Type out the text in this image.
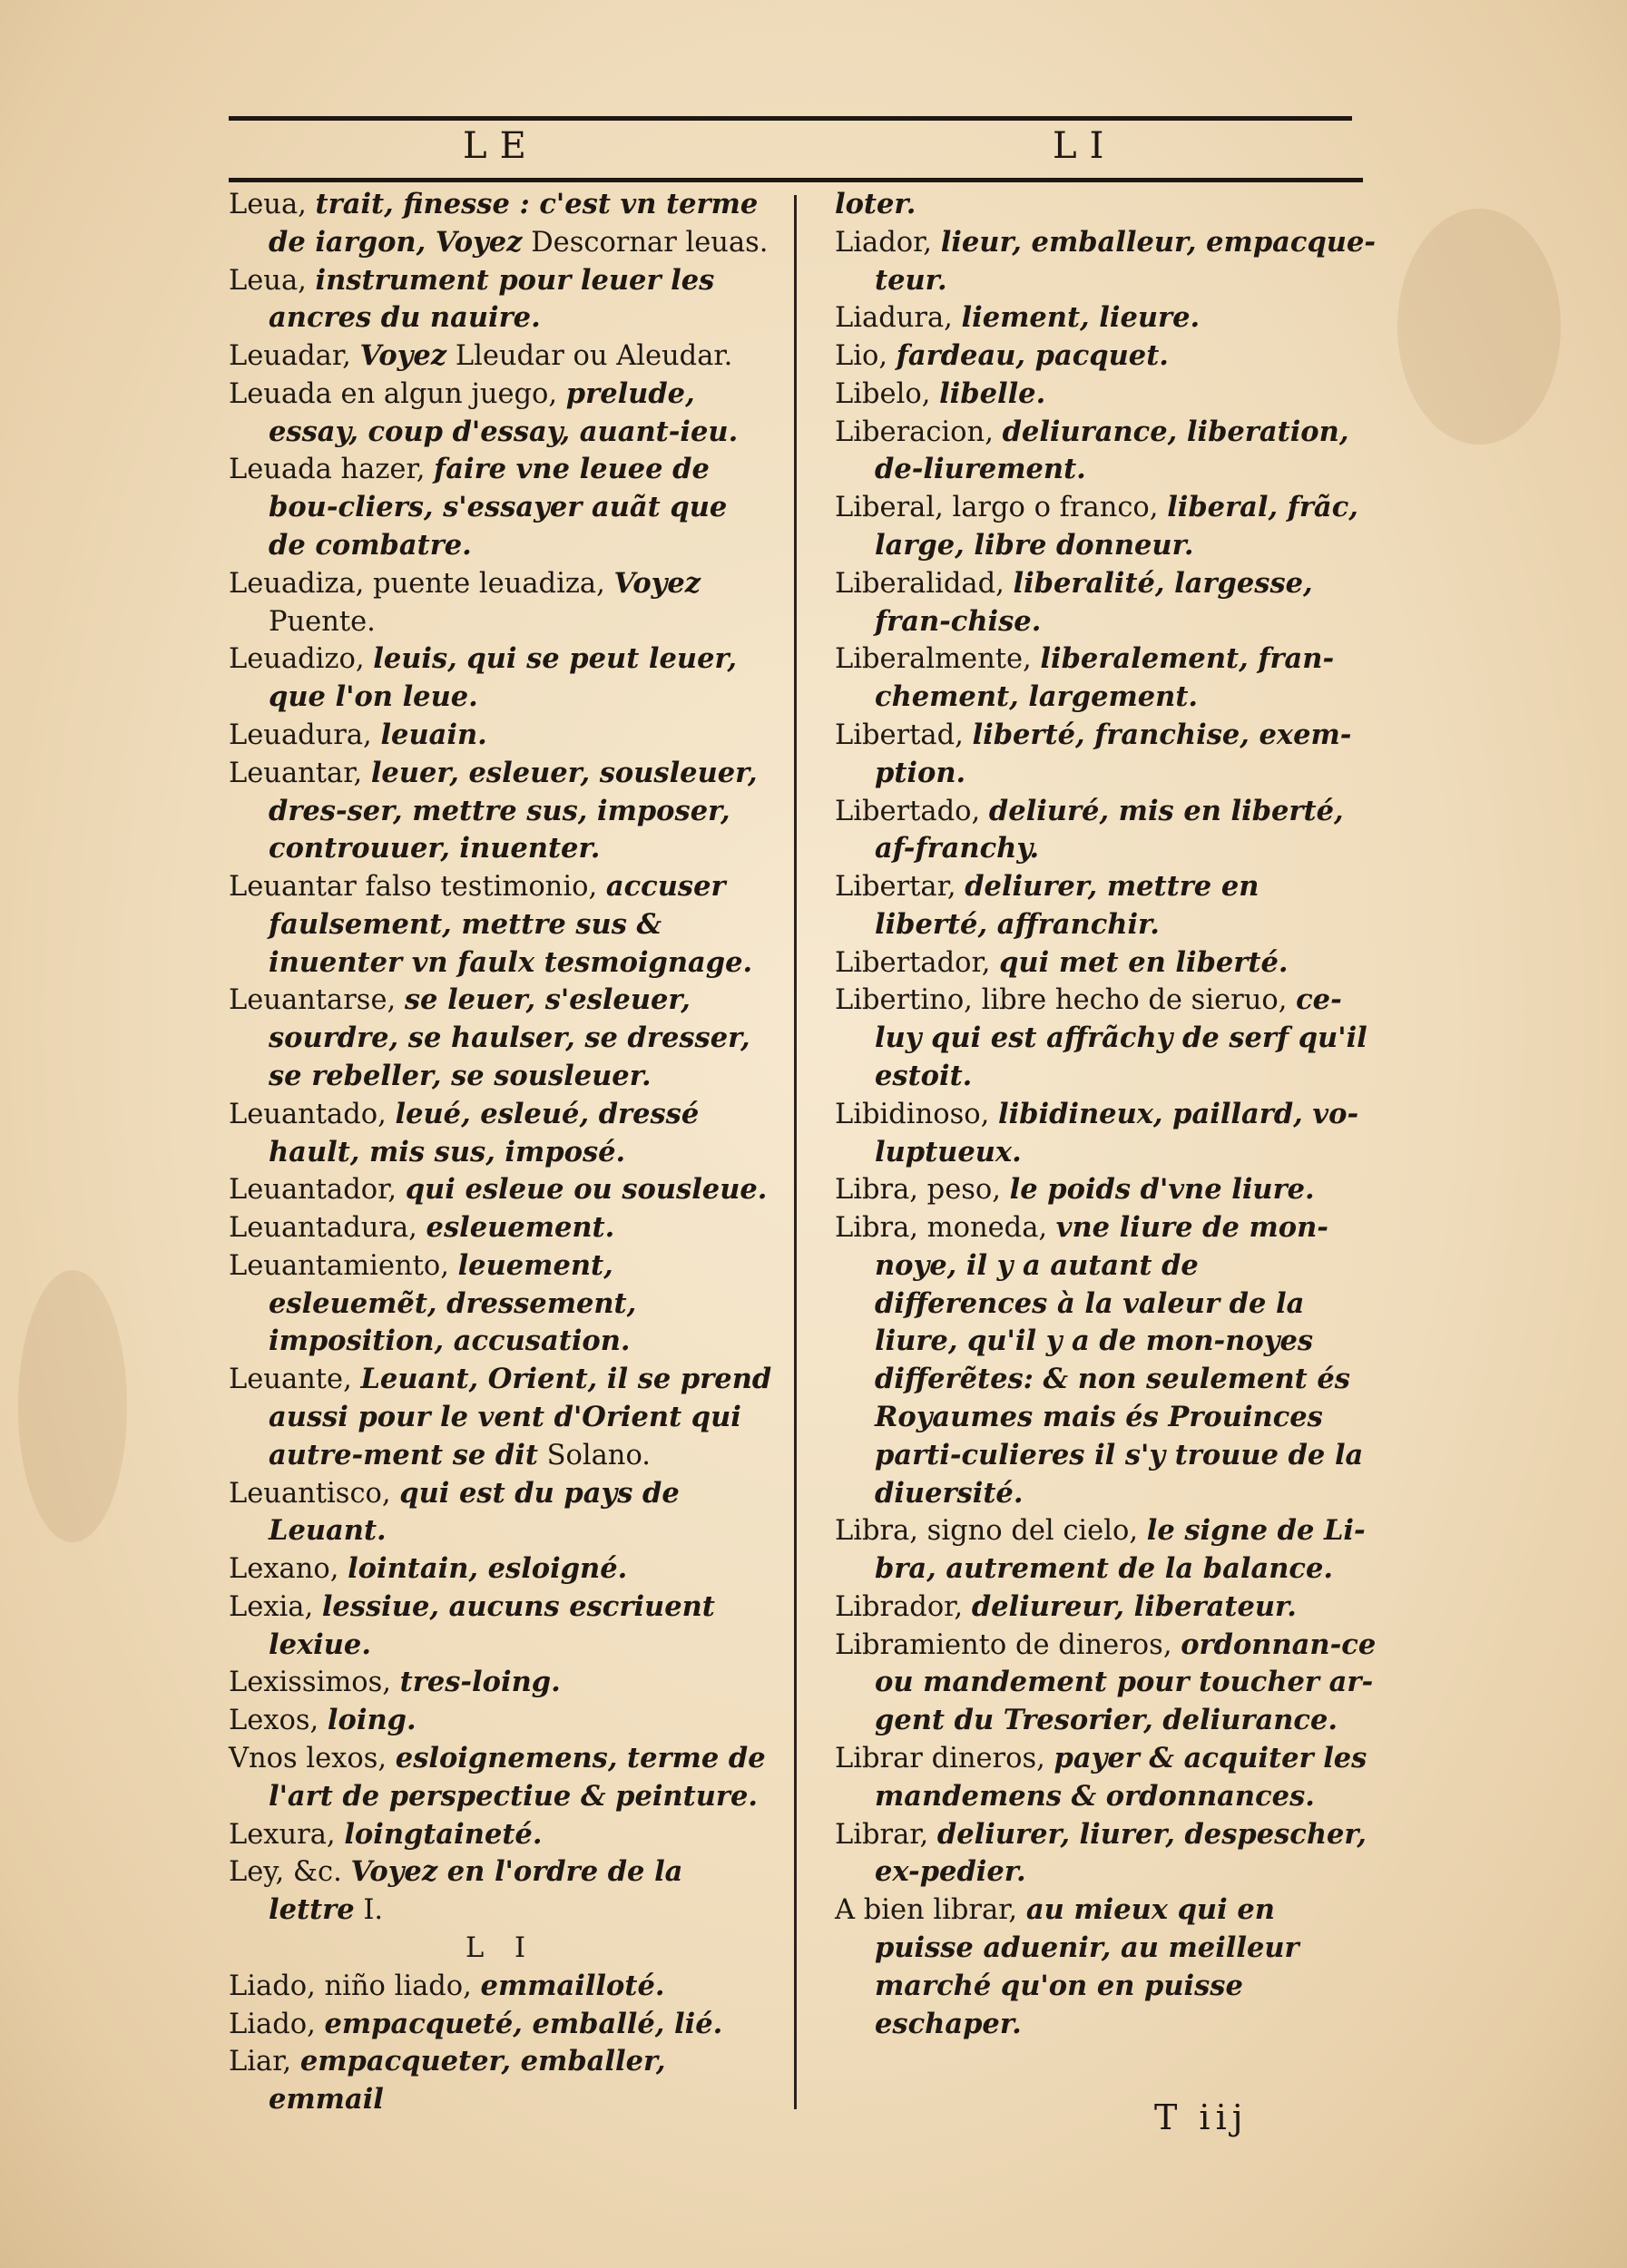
LE	LI

Leua, trait, finesse : c'est vn terme de iargon, Voyez Descornar leuas.

Leua, instrument pour leuer les ancres du nauire.

Leuadar, Voyez Lleudar ou Aleudar.

Leuada en algun juego, prelude, essay, coup d'essay, auant-ieu.

Leuada hazer, faire vne leuee de bou-cliers, s'essayer auãt que de combatre.

Leuadiza, puente leuadiza, Voyez Puente.

Leuadizo, leuis, qui se peut leuer, que l'on leue.

Leuadura, leuain.

Leuantar, leuer, esleuer, sousleuer, dres-ser, mettre sus, imposer, controuuer, inuenter.

Leuantar falso testimonio, accuser faulsement, mettre sus & inuenter vn faulx tesmoignage.

Leuantarse, se leuer, s'esleuer, sourdre, se haulser, se dresser, se rebeller, se sousleuer.

Leuantado, leué, esleué, dressé hault, mis sus, imposé.

Leuantador, qui esleue ou sousleue.

Leuantadura, esleuement.

Leuantamiento, leuement, esleuemẽt, dressement, imposition, accusation.

Leuante, Leuant, Orient, il se prend aussi pour le vent d'Orient qui autre-ment se dit Solano.

Leuantisco, qui est du pays de Leuant.

Lexano, lointain, esloigné.

Lexia, lessiue, aucuns escriuent lexiue.

Lexissimos, tres-loing.

Lexos, loing.

Vnos lexos, esloignemens, terme de l'art de perspectiue & peinture.

Lexura, loingtaineté.

Ley, &c. Voyez en l'ordre de la lettre I.

L I

Liado, niño liado, emmailloté.

Liado, empacqueté, emballé, lié.

Liar, empacqueter, emballer, emmail

loter.

Liador, lieur, emballeur, empacque-teur.

Liadura, liement, lieure.

Lio, fardeau, pacquet.

Libelo, libelle.

Liberacion, deliurance, liberation, de-liurement.

Liberal, largo o franco, liberal, frãc, large, libre donneur.

Liberalidad, liberalité, largesse, fran-chise.

Liberalmente, liberalement, fran-chement, largement.

Libertad, liberté, franchise, exem-ption.

Libertado, deliuré, mis en liberté, af-franchy.

Libertar, deliurer, mettre en liberté, affranchir.

Libertador, qui met en liberté.

Libertino, libre hecho de sieruo, ce-luy qui est affrãchy de serf qu'il estoit.

Libidinoso, libidineux, paillard, vo-luptueux.

Libra, peso, le poids d'vne liure.

Libra, moneda, vne liure de mon-noye, il y a autant de differences à la valeur de la liure, qu'il y a de mon-noyes differẽtes: & non seulement és Royaumes mais és Prouinces parti-culieres il s'y trouue de la diuersité.

Libra, signo del cielo, le signe de Li-bra, autrement de la balance.

Librador, deliureur, liberateur.

Libramiento de dineros, ordonnan-ce ou mandement pour toucher ar-gent du Tresorier, deliurance.

Librar dineros, payer & acquiter les mandemens & ordonnances.

Librar, deliurer, liurer, despescher, ex-pedier.

A bien librar, au mieux qui en puisse aduenir, au meilleur marché qu'on en puisse eschaper.

T iij
